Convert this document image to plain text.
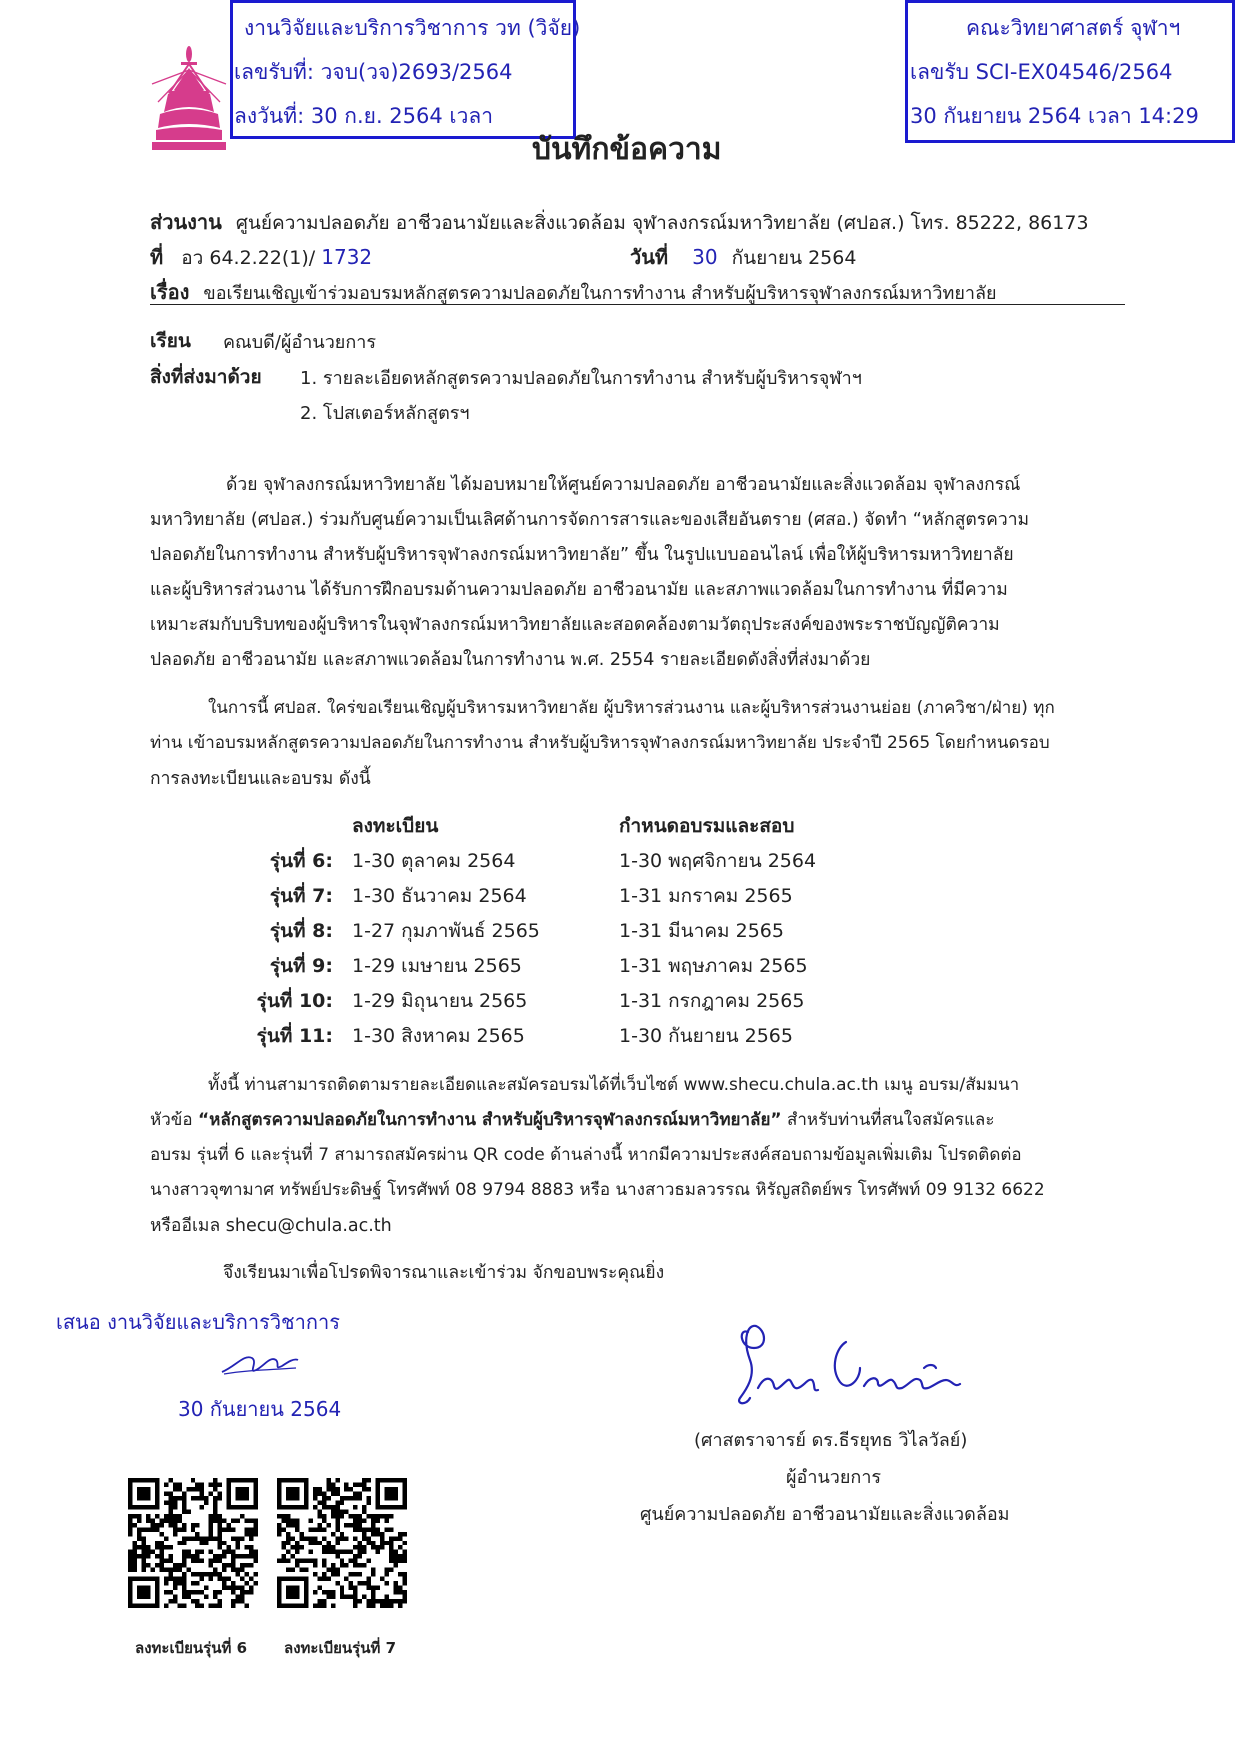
งานวิจัยและบริการวิชาการ วท (วิจัย)
เลขรับที่: วจบ(วจ)2693/2564
ลงวันที่: 30 ก.ย. 2564 เวลา
คณะวิทยาศาสตร์ จุฬาฯ
เลขรับ SCI-EX04546/2564
30 กันยายน 2564 เวลา 14:29
บันทึกข้อความ
ส่วนงาน ศูนย์ความปลอดภัย อาชีวอนามัยและสิ่งแวดล้อม จุฬาลงกรณ์มหาวิทยาลัย (ศปอส.) โทร. 85222, 86173
ที่ อว 64.2.22(1)/ 1732	วันที่ 30 กันยายน 2564
เรื่อง ขอเรียนเชิญเข้าร่วมอบรมหลักสูตรความปลอดภัยในการทำงาน สำหรับผู้บริหารจุฬาลงกรณ์มหาวิทยาลัย
เรียน คณบดี/ผู้อำนวยการ
สิ่งที่ส่งมาด้วย 1. รายละเอียดหลักสูตรความปลอดภัยในการทำงาน สำหรับผู้บริหารจุฬาฯ
2. โปสเตอร์หลักสูตรฯ
ด้วย จุฬาลงกรณ์มหาวิทยาลัย ได้มอบหมายให้ศูนย์ความปลอดภัย อาชีวอนามัยและสิ่งแวดล้อม จุฬาลงกรณ์
มหาวิทยาลัย (ศปอส.) ร่วมกับศูนย์ความเป็นเลิศด้านการจัดการสารและของเสียอันตราย (ศสอ.) จัดทำ “หลักสูตรความ
ปลอดภัยในการทำงาน สำหรับผู้บริหารจุฬาลงกรณ์มหาวิทยาลัย” ขึ้น ในรูปแบบออนไลน์ เพื่อให้ผู้บริหารมหาวิทยาลัย
และผู้บริหารส่วนงาน ได้รับการฝึกอบรมด้านความปลอดภัย อาชีวอนามัย และสภาพแวดล้อมในการทำงาน ที่มีความ
เหมาะสมกับบริบทของผู้บริหารในจุฬาลงกรณ์มหาวิทยาลัยและสอดคล้องตามวัตถุประสงค์ของพระราชบัญญัติความ
ปลอดภัย อาชีวอนามัย และสภาพแวดล้อมในการทำงาน พ.ศ. 2554 รายละเอียดดังสิ่งที่ส่งมาด้วย
ในการนี้ ศปอส. ใคร่ขอเรียนเชิญผู้บริหารมหาวิทยาลัย ผู้บริหารส่วนงาน และผู้บริหารส่วนงานย่อย (ภาควิชา/ฝ่าย) ทุก
ท่าน เข้าอบรมหลักสูตรความปลอดภัยในการทำงาน สำหรับผู้บริหารจุฬาลงกรณ์มหาวิทยาลัย ประจำปี 2565 โดยกำหนดรอบ
การลงทะเบียนและอบรม ดังนี้
ลงทะเบียน	กำหนดอบรมและสอบ
รุ่นที่ 6: 1-30 ตุลาคม 2564	1-30 พฤศจิกายน 2564
รุ่นที่ 7: 1-30 ธันวาคม 2564	1-31 มกราคม 2565
รุ่นที่ 8: 1-27 กุมภาพันธ์ 2565	1-31 มีนาคม 2565
รุ่นที่ 9: 1-29 เมษายน 2565	1-31 พฤษภาคม 2565
รุ่นที่ 10: 1-29 มิถุนายน 2565	1-31 กรกฎาคม 2565
รุ่นที่ 11: 1-30 สิงหาคม 2565	1-30 กันยายน 2565
ทั้งนี้ ท่านสามารถติดตามรายละเอียดและสมัครอบรมได้ที่เว็บไซต์ www.shecu.chula.ac.th เมนู อบรม/สัมมนา
หัวข้อ “หลักสูตรความปลอดภัยในการทำงาน สำหรับผู้บริหารจุฬาลงกรณ์มหาวิทยาลัย” สำหรับท่านที่สนใจสมัครและ
อบรม รุ่นที่ 6 และรุ่นที่ 7 สามารถสมัครผ่าน QR code ด้านล่างนี้ หากมีความประสงค์สอบถามข้อมูลเพิ่มเติม โปรดติดต่อ
นางสาวจุฑามาศ ทรัพย์ประดิษฐ์ โทรศัพท์ 08 9794 8883 หรือ นางสาวธมลวรรณ หิรัญสถิตย์พร โทรศัพท์ 09 9132 6622
หรืออีเมล shecu@chula.ac.th
จึงเรียนมาเพื่อโปรดพิจารณาและเข้าร่วม จักขอบพระคุณยิ่ง
เสนอ งานวิจัยและบริการวิชาการ
30 กันยายน 2564
(ศาสตราจารย์ ดร.ธีรยุทธ วิไลวัลย์)
ผู้อำนวยการ
ศูนย์ความปลอดภัย อาชีวอนามัยและสิ่งแวดล้อม
ลงทะเบียนรุ่นที่ 6 ลงทะเบียนรุ่นที่ 7
